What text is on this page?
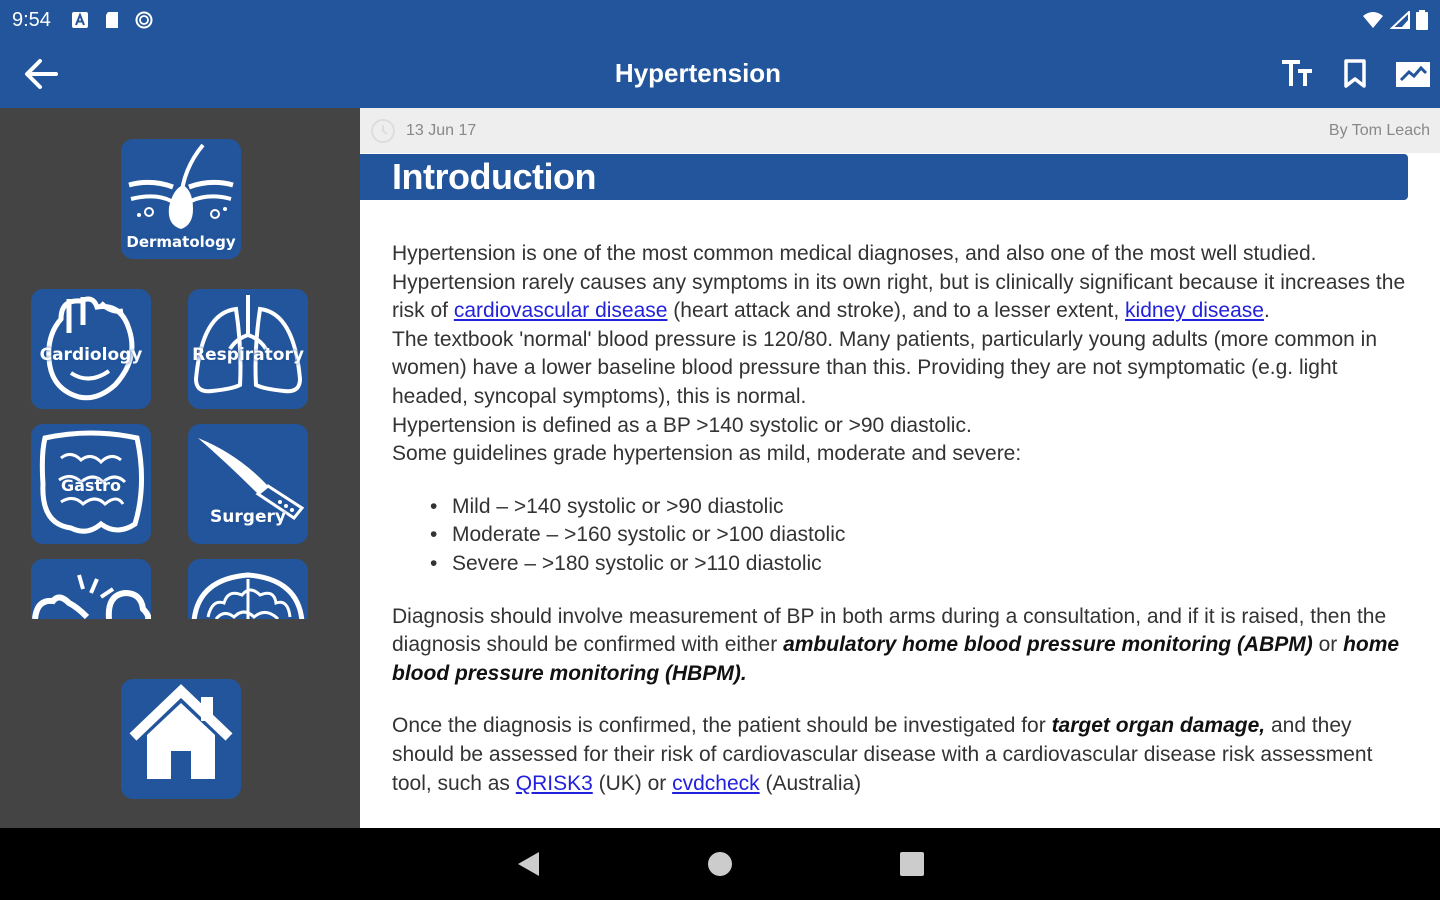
9:54
Hypertension
Dermatology
Cardiology	Respiratory
Gastro
Surgery
13 Jun 17	By Tom Leach
Introduction

Hypertension is one of the most common medical diagnoses, and also one of the most well studied. Hypertension rarely causes any symptoms in its own right, but is clinically significant because it increases the risk of cardiovascular disease (heart attack and stroke), and to a lesser extent, kidney disease.

The textbook 'normal' blood pressure is 120/80. Many patients, particularly young adults (more common in women) have a lower baseline blood pressure than this. Providing they are not symptomatic (e.g. light headed, syncopal symptoms), this is normal.

Hypertension is defined as a BP >140 systolic or >90 diastolic.

Some guidelines grade hypertension as mild, moderate and severe:

• Mild – >140 systolic or >90 diastolic
• Moderate – >160 systolic or >100 diastolic
• Severe – >180 systolic or >110 diastolic

Diagnosis should involve measurement of BP in both arms during a consultation, and if it is raised, then the diagnosis should be confirmed with either ambulatory home blood pressure monitoring (ABPM) or home blood pressure monitoring (HBPM).

Once the diagnosis is confirmed, the patient should be investigated for target organ damage, and they should be assessed for their risk of cardiovascular disease with a cardiovascular disease risk assessment tool, such as QRISK3 (UK) or cvdcheck (Australia)
